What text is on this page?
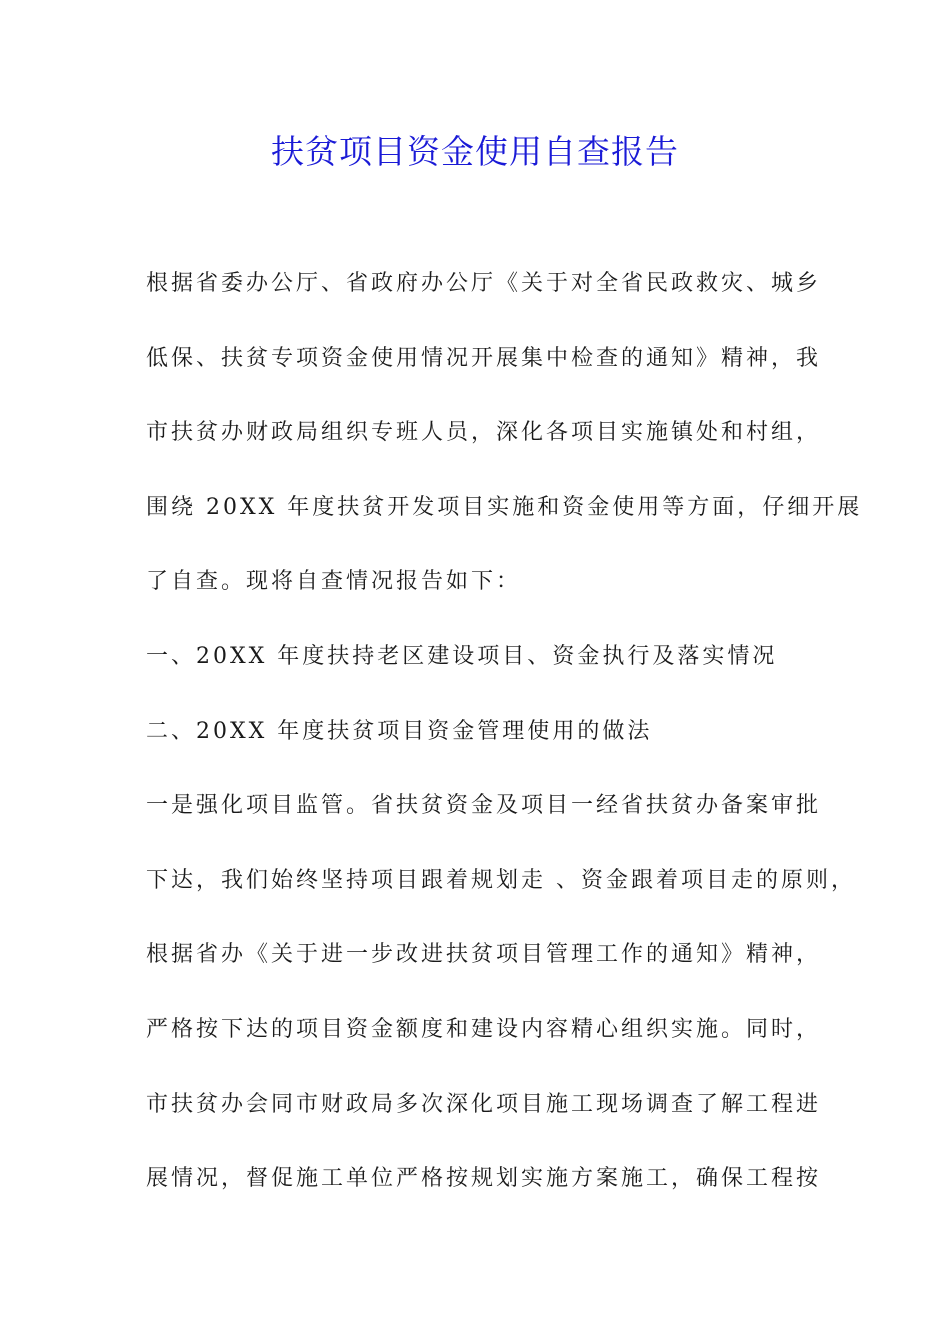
扶贫项目资金使用自查报告
根据省委办公厅、省政府办公厅《关于对全省民政救灾、城乡
低保、扶贫专项资金使用情况开展集中检查的通知》精神，我
市扶贫办财政局组织专班人员，深化各项目实施镇处和村组，
围绕 20XX 年度扶贫开发项目实施和资金使用等方面，仔细开展
了自查。现将自查情况报告如下：
一、20XX 年度扶持老区建设项目、资金执行及落实情况
二、20XX 年度扶贫项目资金管理使用的做法
一是强化项目监管。省扶贫资金及项目一经省扶贫办备案审批
下达，我们始终坚持项目跟着规划走 、资金跟着项目走的原则，
根据省办《关于进一步改进扶贫项目管理工作的通知》精神，
严格按下达的项目资金额度和建设内容精心组织实施。同时，
市扶贫办会同市财政局多次深化项目施工现场调查了解工程进
展情况，督促施工单位严格按规划实施方案施工，确保工程按
